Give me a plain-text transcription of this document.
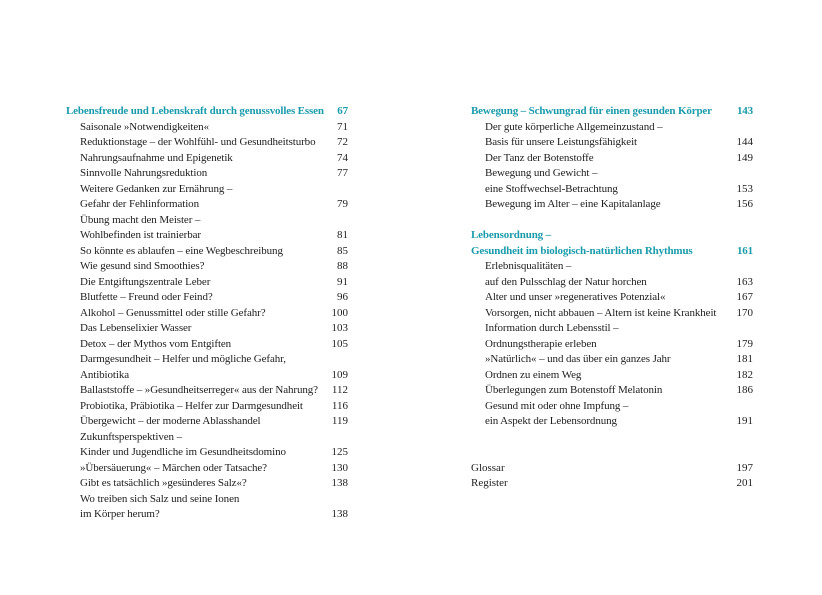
Lebensfreude und Lebenskraft durch genussvolles Essen 67
Saisonale »Notwendigkeiten«	71
Reduktionstage – der Wohlfühl- und Gesundheitsturbo 72
Nahrungsaufnahme und Epigenetik	74
Sinnvolle Nahrungsreduktion	77
Weitere Gedanken zur Ernährung –
Gefahr der Fehlinformation	79
Übung macht den Meister –
Wohlbefinden ist trainierbar	81
So könnte es ablaufen – eine Wegbeschreibung	85
Wie gesund sind Smoothies?	88
Die Entgiftungszentrale Leber	91
Blutfette – Freund oder Feind?	96
Alkohol – Genussmittel oder stille Gefahr?	100
Das Lebenselixier Wasser	103
Detox – der Mythos vom Entgiften	105
Darmgesundheit – Helfer und mögliche Gefahr,
Antibiotika	109
Ballaststoffe – »Gesundheitserreger« aus der Nahrung? 112
Probiotika, Präbiotika – Helfer zur Darmgesundheit	116
Übergewicht – der moderne Ablasshandel	119
Zukunftsperspektiven –
Kinder und Jugendliche im Gesundheitsdomino	125
»Übersäuerung« – Märchen oder Tatsache?	130
Gibt es tatsächlich »gesünderes Salz«?	138
Wo treiben sich Salz und seine Ionen
im Körper herum?	138
Bewegung – Schwungrad für einen gesunden Körper 143
Der gute körperliche Allgemeinzustand –
Basis für unsere Leistungsfähigkeit	144
Der Tanz der Botenstoffe	149
Bewegung und Gewicht –
eine Stoffwechsel-Betrachtung	153
Bewegung im Alter – eine Kapitalanlage	156
Lebensordnung –
Gesundheit im biologisch-natürlichen Rhythmus	161
Erlebnisqualitäten –
auf den Pulsschlag der Natur horchen	163
Alter und unser »regeneratives Potenzial«	167
Vorsorgen, nicht abbauen – Altern ist keine Krankheit 170
Information durch Lebensstil –
Ordnungstherapie erleben	179
»Natürlich« – und das über ein ganzes Jahr	181
Ordnen zu einem Weg	182
Überlegungen zum Botenstoff Melatonin	186
Gesund mit oder ohne Impfung –
ein Aspekt der Lebensordnung	191
Glossar	197
Register	201
